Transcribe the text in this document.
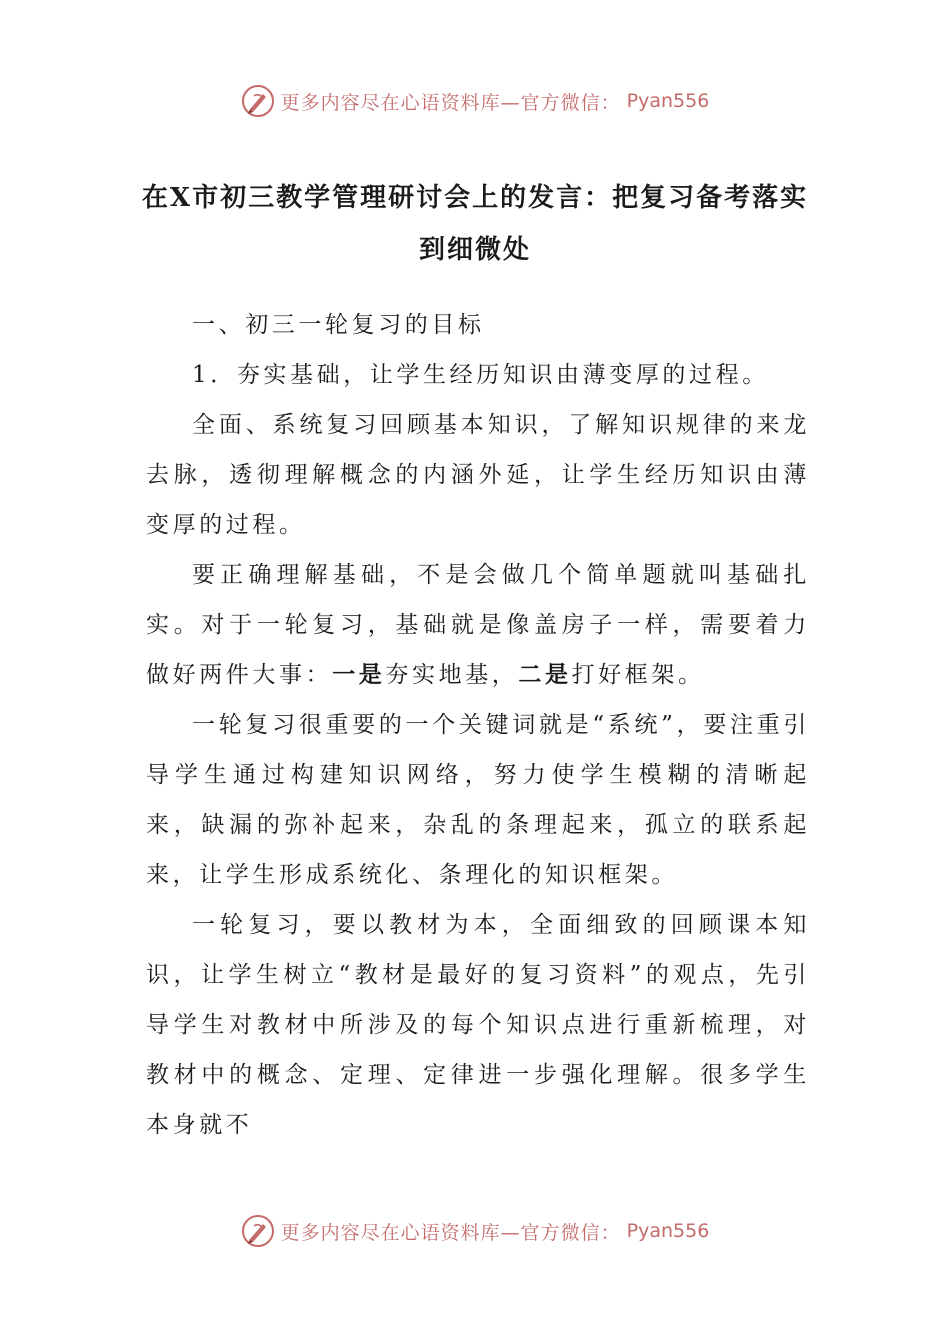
更多内容尽在心语资料库—官方微信： Pyan556
在X市初三教学管理研讨会上的发言：把复习备考落实到细微处

一、初三一轮复习的目标

1．夯实基础，让学生经历知识由薄变厚的过程。

全面、系统复习回顾基本知识，了解知识规律的来龙去脉，透彻理解概念的内涵外延，让学生经历知识由薄变厚的过程。

要正确理解基础，不是会做几个简单题就叫基础扎实。对于一轮复习，基础就是像盖房子一样，需要着力做好两件大事：一是夯实地基，二是打好框架。

一轮复习很重要的一个关键词就是“系统”，要注重引导学生通过构建知识网络，努力使学生模糊的清晰起来，缺漏的弥补起来，杂乱的条理起来，孤立的联系起来，让学生形成系统化、条理化的知识框架。

一轮复习，要以教材为本，全面细致的回顾课本知识，让学生树立“教材是最好的复习资料”的观点，先引导学生对教材中所涉及的每个知识点进行重新梳理，对教材中的概念、定理、定律进一步强化理解。很多学生本身就不

更多内容尽在心语资料库—官方微信： Pyan556
